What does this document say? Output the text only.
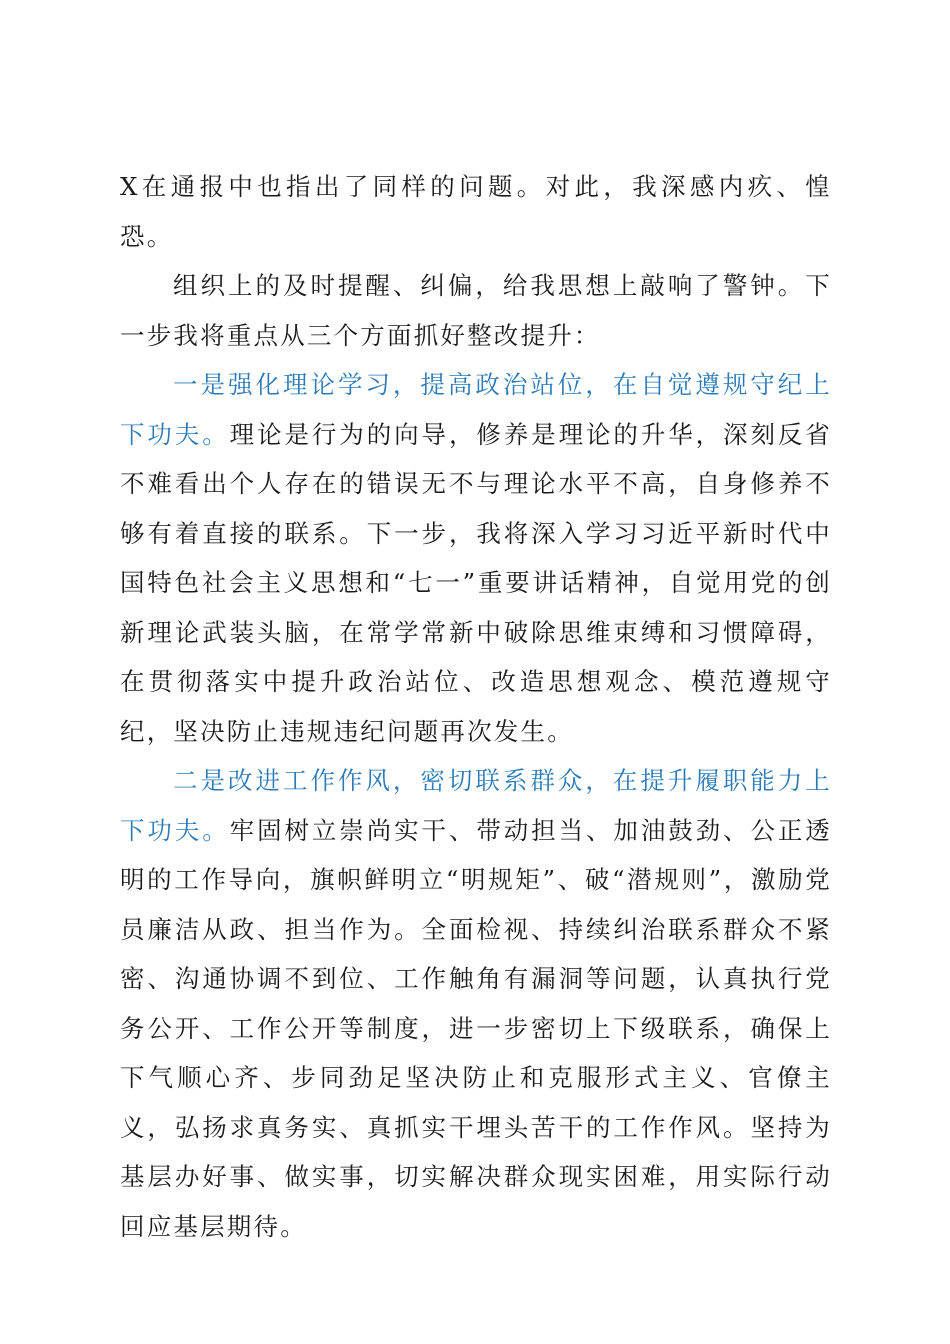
X在通报中也指出了同样的问题。对此，我深感内疚、惶恐。

组织上的及时提醒、纠偏，给我思想上敲响了警钟。下一步我将重点从三个方面抓好整改提升：

一是强化理论学习，提高政治站位，在自觉遵规守纪上下功夫。理论是行为的向导，修养是理论的升华，深刻反省不难看出个人存在的错误无不与理论水平不高，自身修养不够有着直接的联系。下一步，我将深入学习习近平新时代中国特色社会主义思想和“七一”重要讲话精神，自觉用党的创新理论武装头脑，在常学常新中破除思维束缚和习惯障碍，在贯彻落实中提升政治站位、改造思想观念、模范遵规守纪，坚决防止违规违纪问题再次发生。

二是改进工作作风，密切联系群众，在提升履职能力上下功夫。牢固树立崇尚实干、带动担当、加油鼓劲、公正透明的工作导向，旗帜鲜明立“明规矩”、破“潜规则”，激励党员廉洁从政、担当作为。全面检视、持续纠治联系群众不紧密、沟通协调不到位、工作触角有漏洞等问题，认真执行党务公开、工作公开等制度，进一步密切上下级联系，确保上下气顺心齐、步同劲足坚决防止和克服形式主义、官僚主义，弘扬求真务实、真抓实干埋头苦干的工作作风。坚持为基层办好事、做实事，切实解决群众现实困难，用实际行动回应基层期待。
